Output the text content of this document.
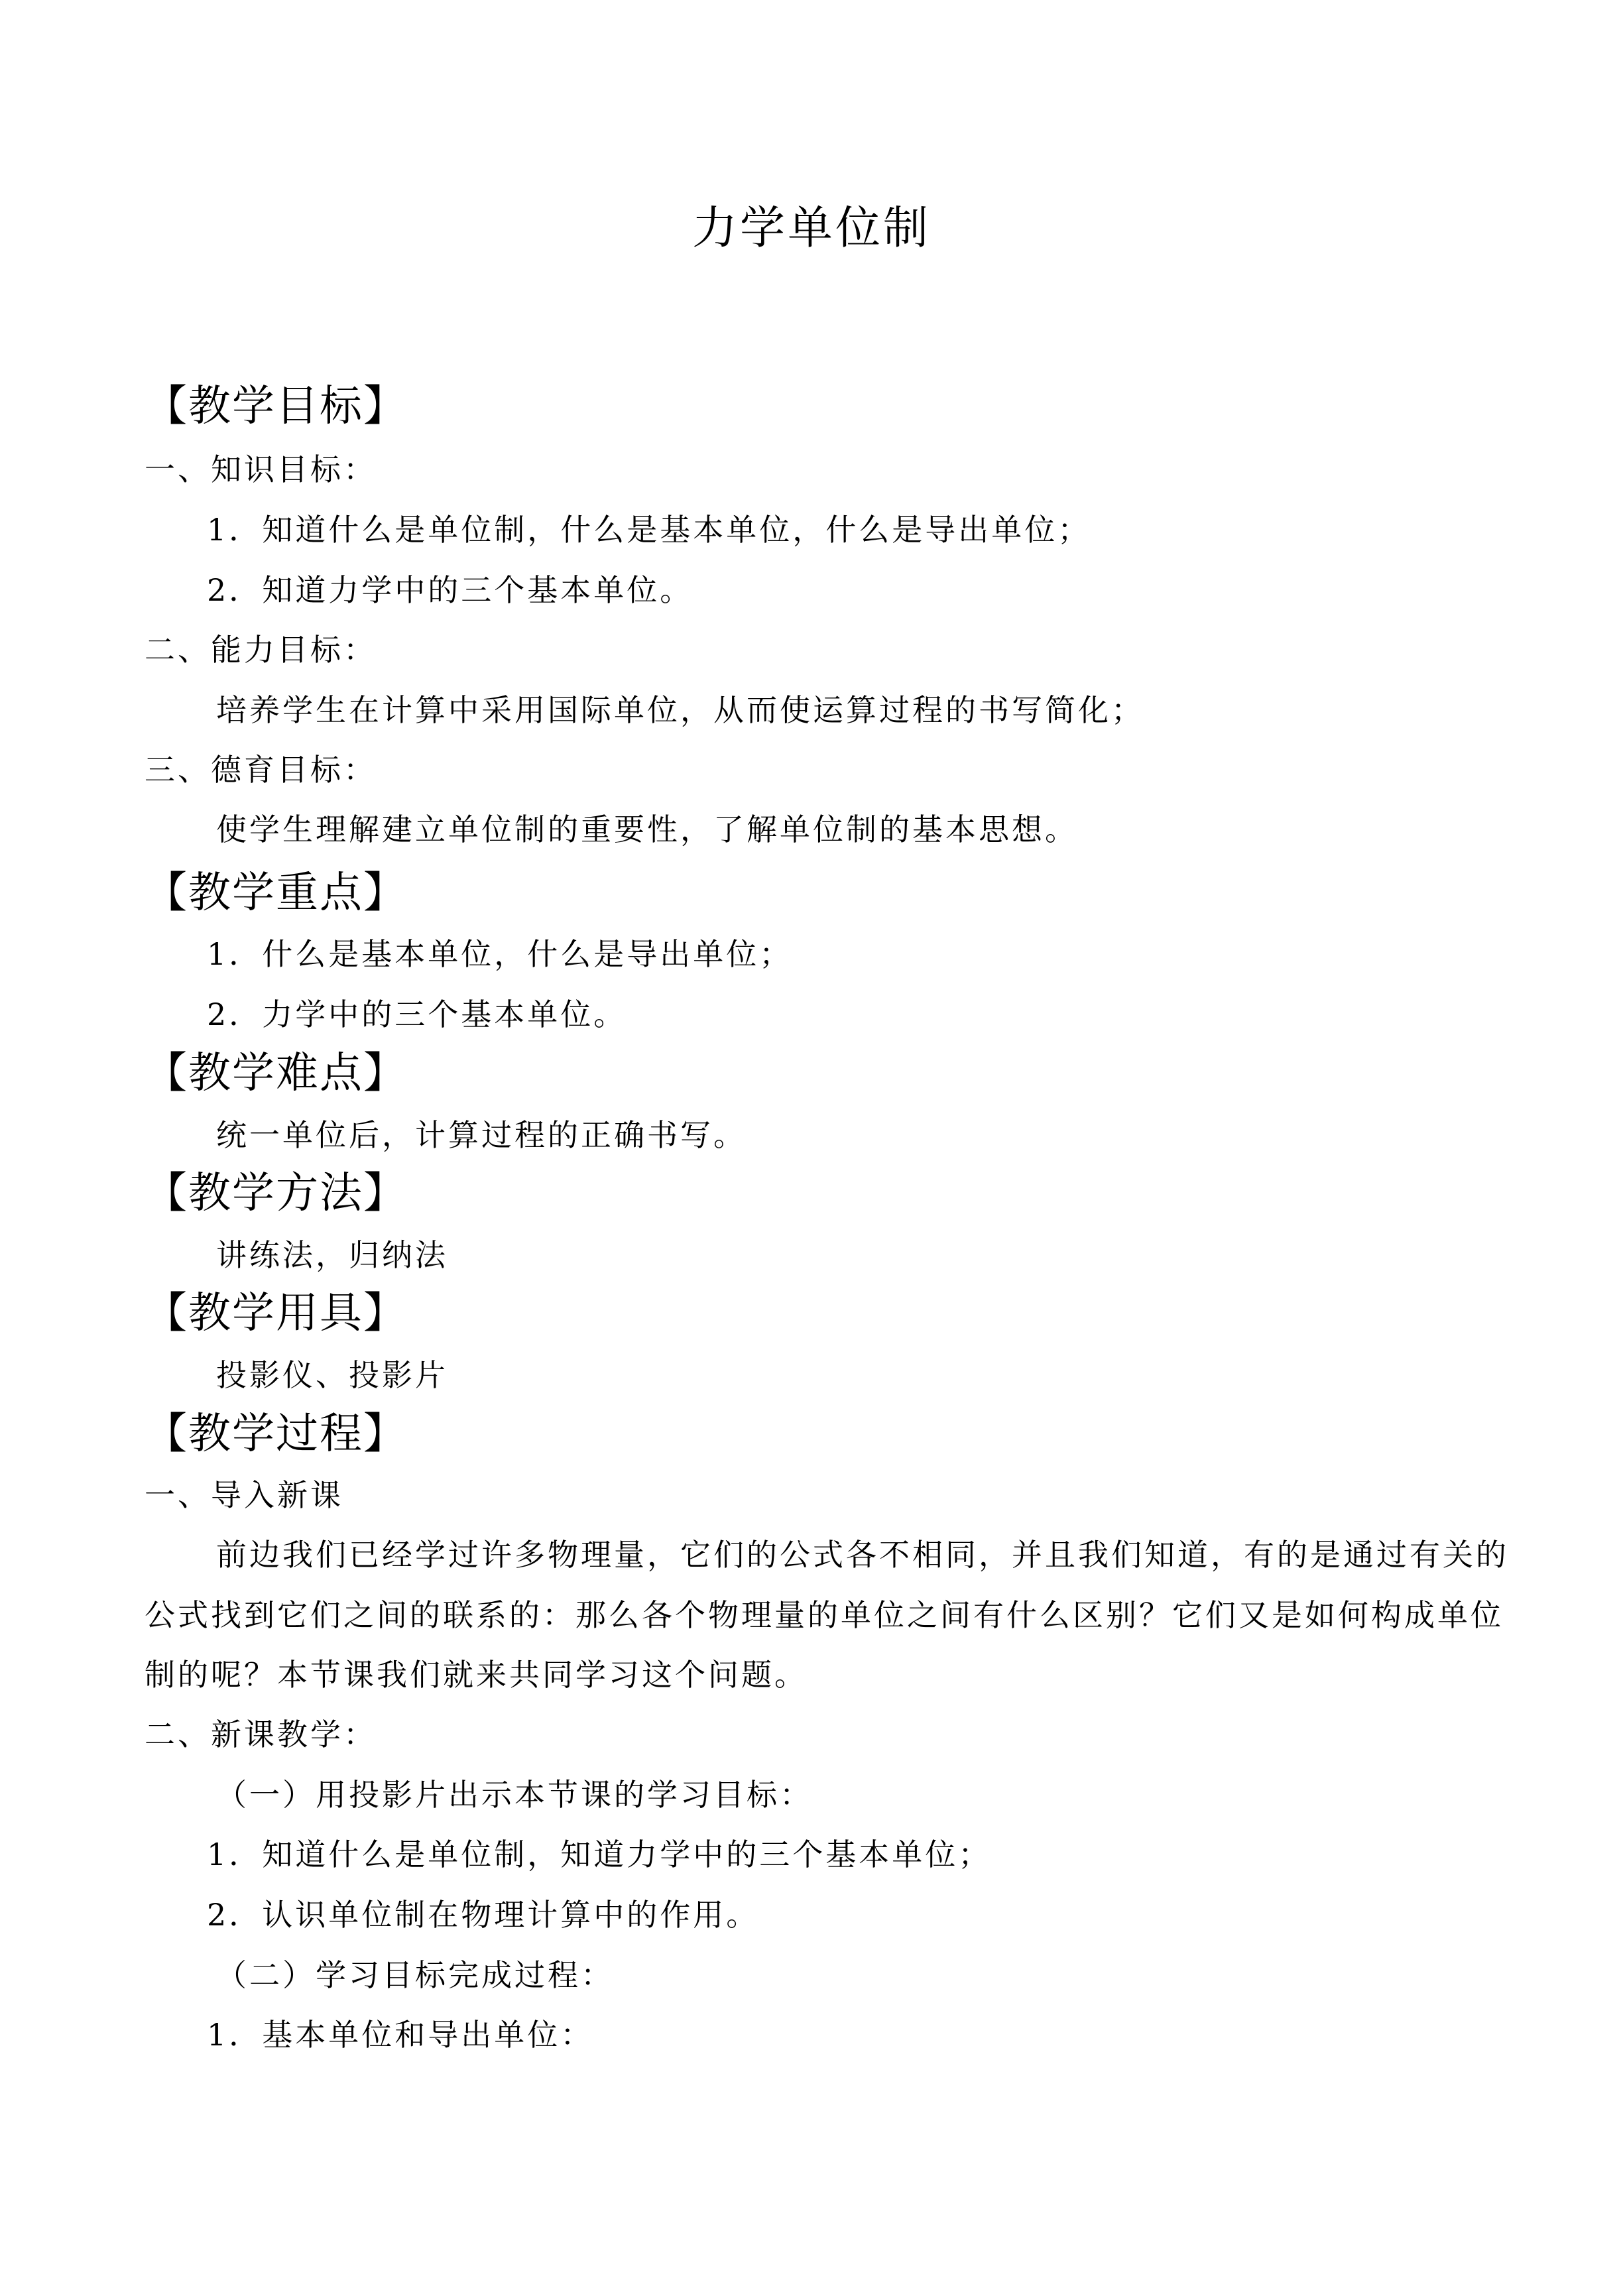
力学单位制
【教学目标】
一、知识目标：
1．知道什么是单位制，什么是基本单位，什么是导出单位；
2．知道力学中的三个基本单位。
二、能力目标：
培养学生在计算中采用国际单位，从而使运算过程的书写简化；
三、德育目标：
使学生理解建立单位制的重要性，了解单位制的基本思想。
【教学重点】
1．什么是基本单位，什么是导出单位；
2．力学中的三个基本单位。
【教学难点】
统一单位后，计算过程的正确书写。
【教学方法】
讲练法，归纳法
【教学用具】
投影仪、投影片
【教学过程】
一、导入新课
前边我们已经学过许多物理量，它们的公式各不相同，并且我们知道，有的是通过有关的
公式找到它们之间的联系的：那么各个物理量的单位之间有什么区别？它们又是如何构成单位
制的呢？本节课我们就来共同学习这个问题。
二、新课教学：
（一）用投影片出示本节课的学习目标：
1．知道什么是单位制，知道力学中的三个基本单位；
2．认识单位制在物理计算中的作用。
（二）学习目标完成过程：
1．基本单位和导出单位：
